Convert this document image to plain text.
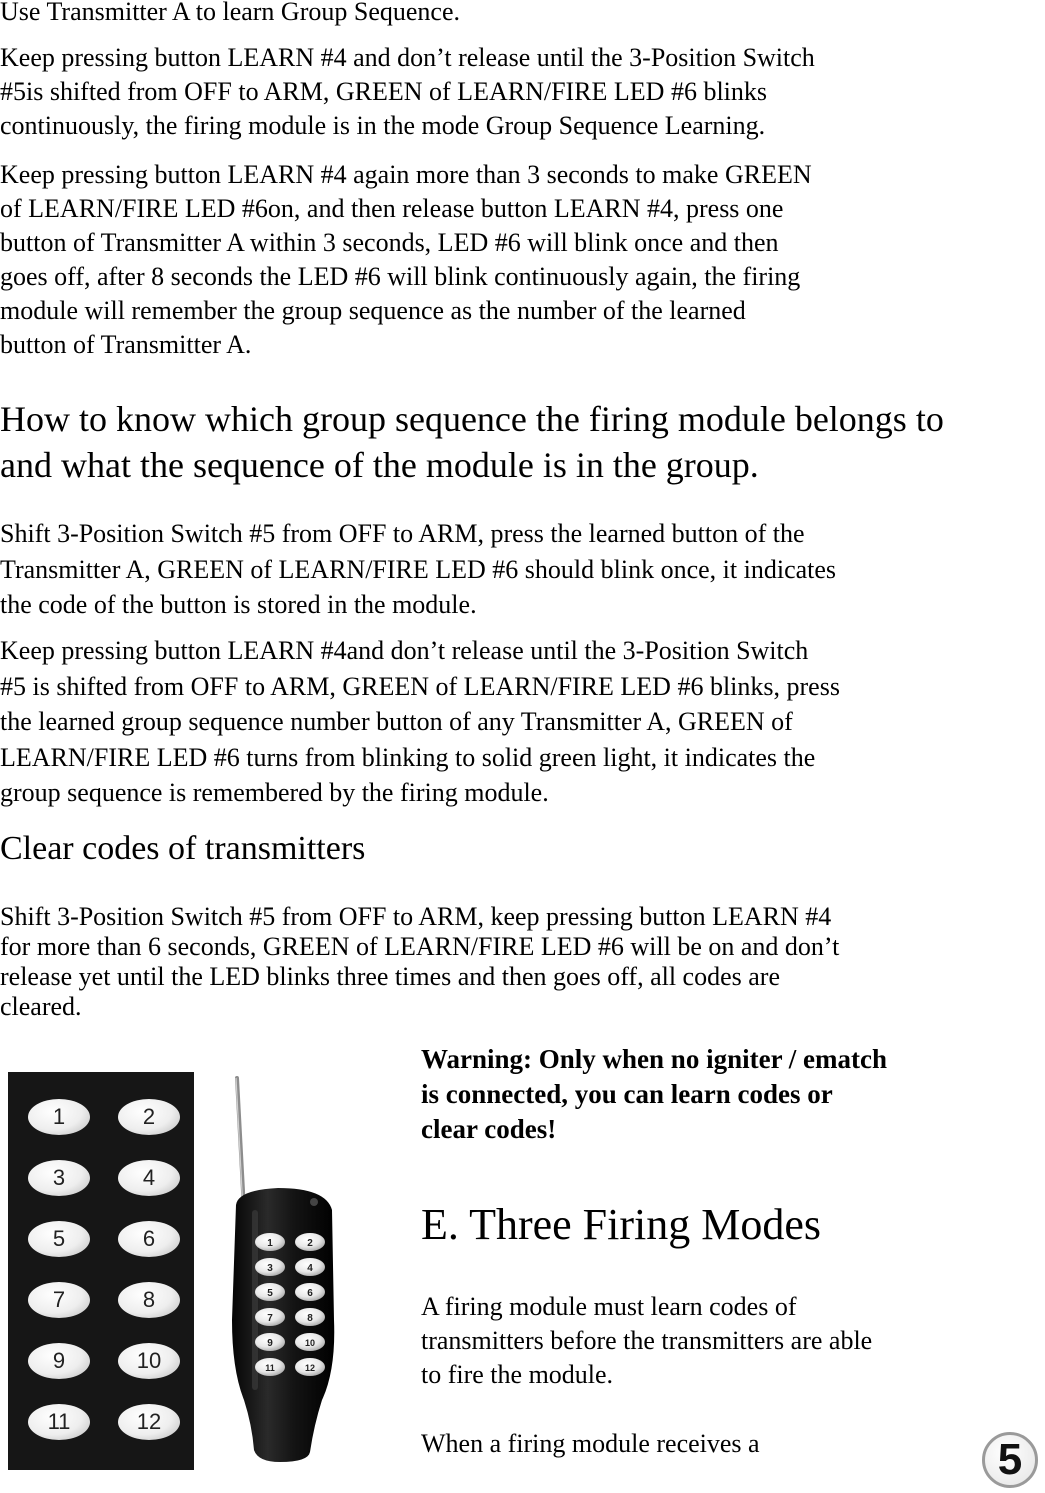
Use Transmitter A to learn Group Sequence.

Keep pressing button LEARN #4 and don’t release until the 3-Position Switch
#5is shifted from OFF to ARM, GREEN of LEARN/FIRE LED #6 blinks
continuously, the firing module is in the mode Group Sequence Learning.
Keep pressing button LEARN #4 again more than 3 seconds to make GREEN
of LEARN/FIRE LED #6on, and then release button LEARN #4, press one
button of Transmitter A within 3 seconds, LED #6 will blink once and then
goes off, after 8 seconds the LED #6 will blink continuously again, the firing
module will remember the group sequence as the number of the learned
button of Transmitter A.
How to know which group sequence the firing module belongs to
and what the sequence of the module is in the group.
Shift 3-Position Switch #5 from OFF to ARM, press the learned button of the
Transmitter A, GREEN of LEARN/FIRE LED #6 should blink once, it indicates
the code of the button is stored in the module.
Keep pressing button LEARN #4and don’t release until the 3-Position Switch
#5 is shifted from OFF to ARM, GREEN of LEARN/FIRE LED #6 blinks, press
the learned group sequence number button of any Transmitter A, GREEN of
LEARN/FIRE LED #6 turns from blinking to solid green light, it indicates the
group sequence is remembered by the firing module.

Clear codes of transmitters

Shift 3-Position Switch #5 from OFF to ARM, keep pressing button LEARN #4
for more than 6 seconds, GREEN of LEARN/FIRE LED #6 will be on and don’t
release yet until the LED blinks three times and then goes off, all codes are
cleared.
1	2
3	4
5	6
7	8
9	10
11	12
1	2
3	4
5	6
7	8
9	10
11	12
Warning: Only when no igniter / ematch
is connected, you can learn codes or
clear codes!

E. Three Firing Modes

A firing module must learn codes of
transmitters before the transmitters are able
to fire the module.

When a firing module receives a	5
